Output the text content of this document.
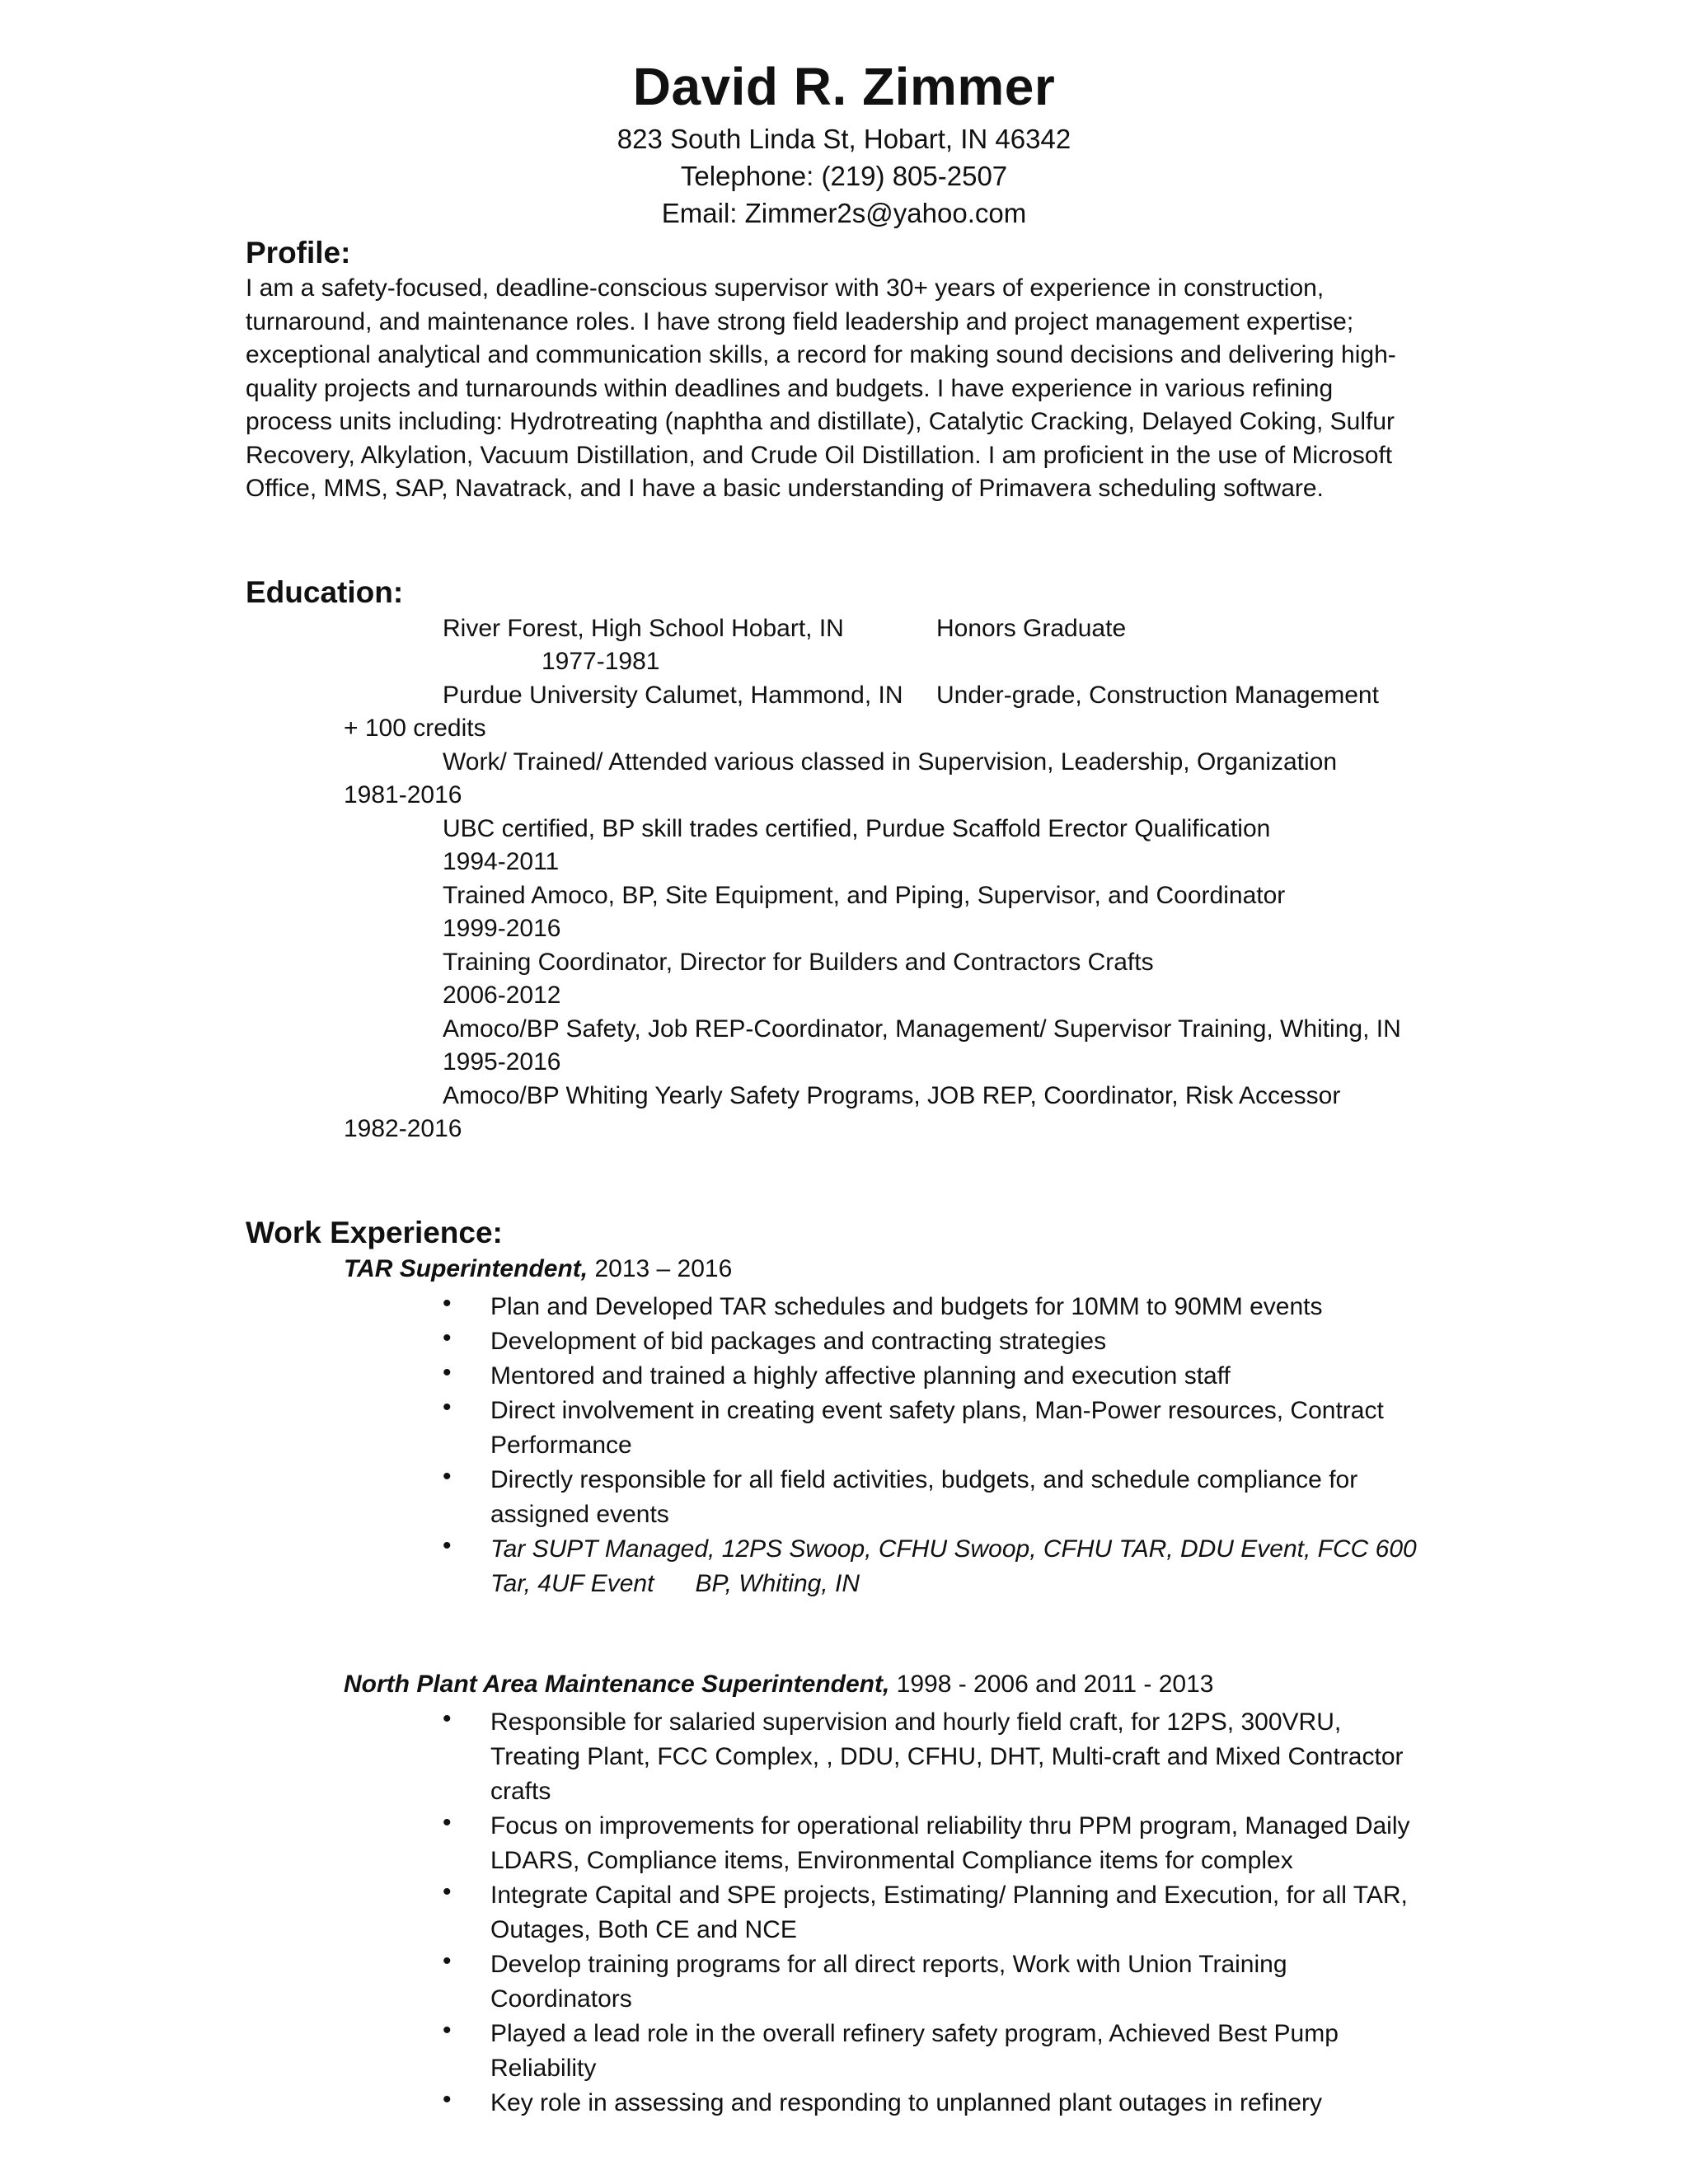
David R. Zimmer
823 South Linda St, Hobart, IN 46342
Telephone: (219) 805-2507
Email: Zimmer2s@yahoo.com
Profile:
I am a safety-focused, deadline-conscious supervisor with 30+ years of experience in construction, turnaround, and maintenance roles. I have strong field leadership and project management expertise; exceptional analytical and communication skills, a record for making sound decisions and delivering high-quality projects and turnarounds within deadlines and budgets. I have experience in various refining process units including: Hydrotreating (naphtha and distillate), Catalytic Cracking, Delayed Coking, Sulfur Recovery, Alkylation, Vacuum Distillation, and Crude Oil Distillation. I am proficient in the use of Microsoft Office, MMS, SAP, Navatrack, and I have a basic understanding of Primavera scheduling software.
Education:
River Forest, High School Hobart, IN	Honors Graduate
1977-1981
Purdue University Calumet, Hammond, IN Under-grade, Construction Management
+ 100 credits
Work/ Trained/ Attended various classed in Supervision, Leadership, Organization
1981-2016
UBC certified, BP skill trades certified, Purdue Scaffold Erector Qualification
1994-2011
Trained Amoco, BP, Site Equipment, and Piping, Supervisor, and Coordinator
1999-2016
Training Coordinator, Director for Builders and Contractors Crafts
2006-2012
Amoco/BP Safety, Job REP-Coordinator, Management/ Supervisor Training, Whiting, IN
1995-2016
Amoco/BP Whiting Yearly Safety Programs, JOB REP, Coordinator, Risk Accessor
1982-2016
Work Experience:
TAR Superintendent, 2013 – 2016
• Plan and Developed TAR schedules and budgets for 10MM to 90MM events
• Development of bid packages and contracting strategies
• Mentored and trained a highly affective planning and execution staff
• Direct involvement in creating event safety plans, Man-Power resources, Contract Performance
• Directly responsible for all field activities, budgets, and schedule compliance for assigned events
• Tar SUPT Managed, 12PS Swoop, CFHU Swoop, CFHU TAR, DDU Event, FCC 600 Tar, 4UF Event      BP, Whiting, IN
North Plant Area Maintenance Superintendent, 1998 - 2006 and 2011 - 2013
• Responsible for salaried supervision and hourly field craft, for 12PS, 300VRU, Treating Plant, FCC Complex, , DDU, CFHU, DHT, Multi-craft and Mixed Contractor crafts
• Focus on improvements for operational reliability thru PPM program, Managed Daily LDARS, Compliance items, Environmental Compliance items for complex
• Integrate Capital and SPE projects, Estimating/ Planning and Execution, for all TAR, Outages, Both CE and NCE
• Develop training programs for all direct reports, Work with Union Training Coordinators
• Played a lead role in the overall refinery safety program, Achieved Best Pump Reliability
• Key role in assessing and responding to unplanned plant outages in refinery
